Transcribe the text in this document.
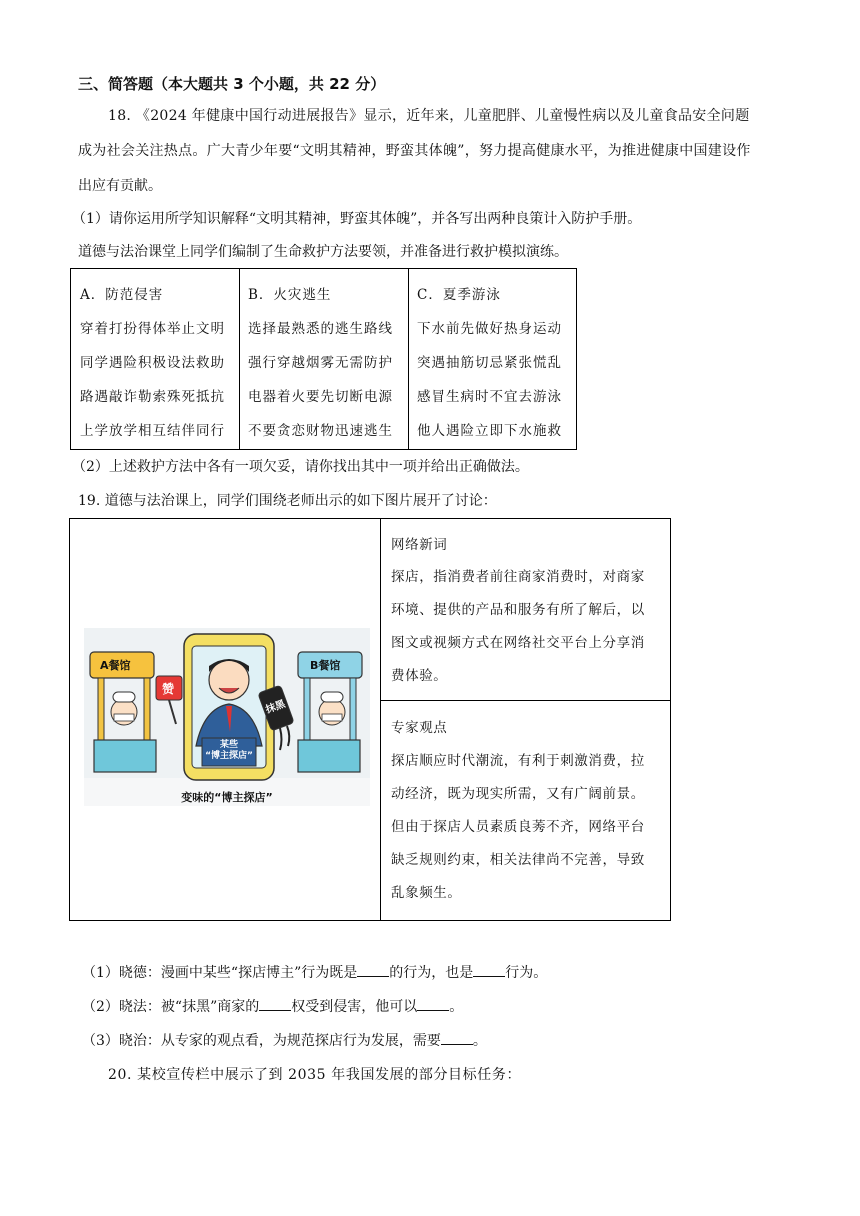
三、简答题（本大题共 3 个小题，共 22 分）
18. 《2024 年健康中国行动进展报告》显示，近年来，儿童肥胖、儿童慢性病以及儿童食品安全问题
成为社会关注热点。广大青少年要“文明其精神，野蛮其体魄”，努力提高健康水平，为推进健康中国建设作
出应有贡献。
（1）请你运用所学知识解释“文明其精神，野蛮其体魄”，并各写出两种良策计入防护手册。
道德与法治课堂上同学们编制了生命救护方法要领，并准备进行救护模拟演练。
A．防范侵害
穿着打扮得体举止文明
同学遇险积极设法救助
路遇敲诈勒索殊死抵抗
上学放学相互结伴同行
B．火灾逃生
选择最熟悉的逃生路线
强行穿越烟雾无需防护
电器着火要先切断电源
不要贪恋财物迅速逃生
C．夏季游泳
下水前先做好热身运动
突遇抽筋切忌紧张慌乱
感冒生病时不宜去游泳
他人遇险立即下水施救
（2）上述救护方法中各有一项欠妥，请你找出其中一项并给出正确做法。
19. 道德与法治课上，同学们围绕老师出示的如下图片展开了讨论：
网络新词
探店，指消费者前往商家消费时，对商家
环境、提供的产品和服务有所了解后，以
图文或视频方式在网络社交平台上分享消
费体验。
专家观点
探店顺应时代潮流，有利于刺激消费，拉
动经济，既为现实所需，又有广阔前景。
但由于探店人员素质良莠不齐，网络平台
缺乏规则约束，相关法律尚不完善，导致
乱象频生。
A餐馆	B餐馆
赞
抹黑
某些
“博主探店”
变味的“博主探店”
（1）晓德：漫画中某些“探店博主”行为既是 的行为，也是 行为。
（2）晓法：被“抹黑”商家的 权受到侵害，他可以 。
（3）晓治：从专家的观点看，为规范探店行为发展，需要 。
20. 某校宣传栏中展示了到 2035 年我国发展的部分目标任务：
